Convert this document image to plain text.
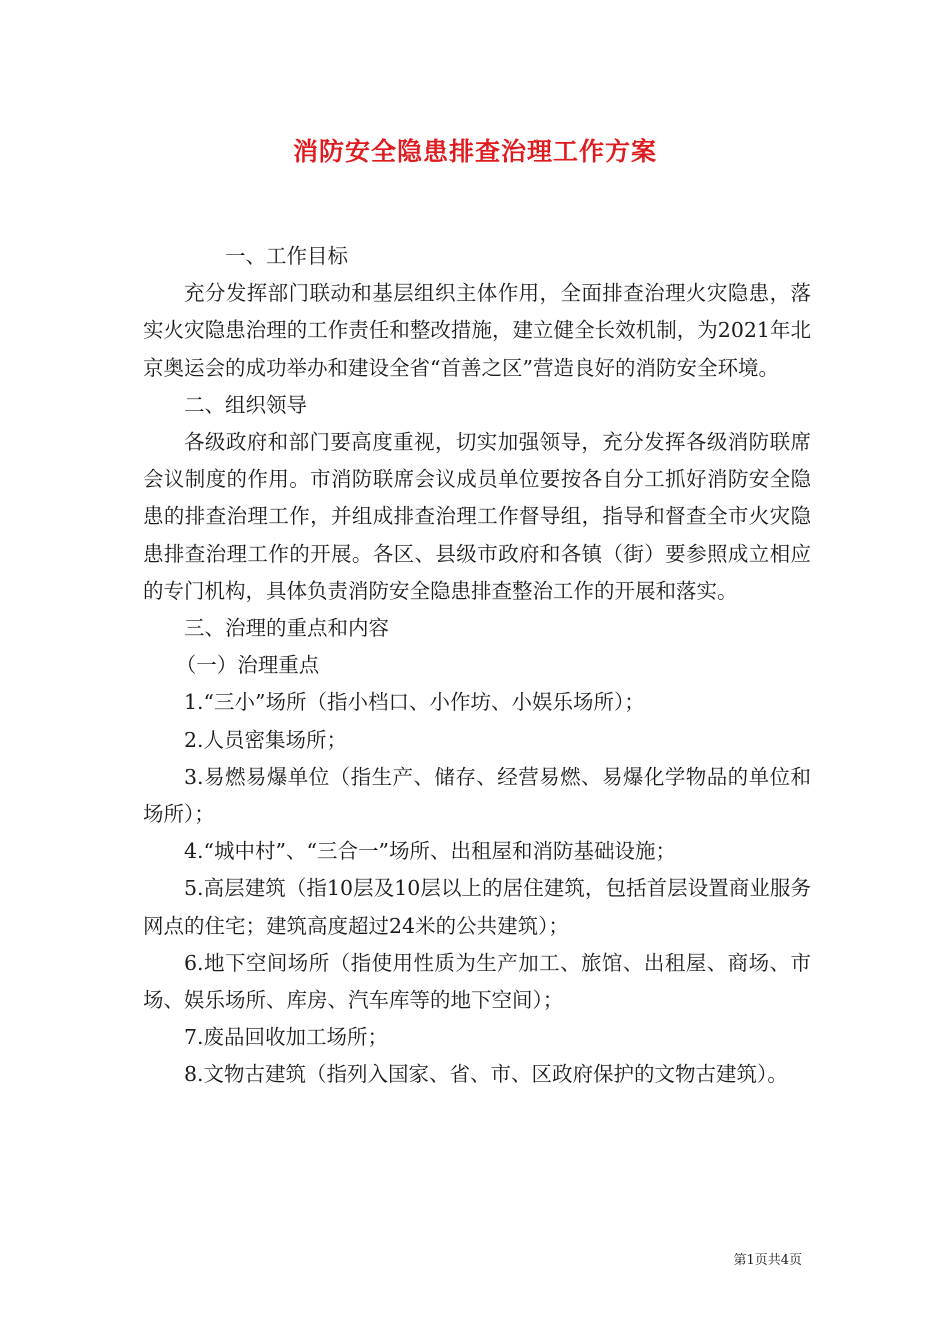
消防安全隐患排查治理工作方案

一、工作目标

充分发挥部门联动和基层组织主体作用，全面排查治理火灾隐患，落实火灾隐患治理的工作责任和整改措施，建立健全长效机制，为2021年北京奥运会的成功举办和建设全省“首善之区”营造良好的消防安全环境。

二、组织领导

各级政府和部门要高度重视，切实加强领导，充分发挥各级消防联席会议制度的作用。市消防联席会议成员单位要按各自分工抓好消防安全隐患的排查治理工作，并组成排查治理工作督导组，指导和督查全市火灾隐患排查治理工作的开展。各区、县级市政府和各镇（街）要参照成立相应的专门机构，具体负责消防安全隐患排查整治工作的开展和落实。

三、治理的重点和内容

（一）治理重点

1.“三小”场所（指小档口、小作坊、小娱乐场所）；

2.人员密集场所；

3.易燃易爆单位（指生产、储存、经营易燃、易爆化学物品的单位和场所）；

4.“城中村”、“三合一”场所、出租屋和消防基础设施；

5.高层建筑（指10层及10层以上的居住建筑，包括首层设置商业服务网点的住宅；建筑高度超过24米的公共建筑）；

6.地下空间场所（指使用性质为生产加工、旅馆、出租屋、商场、市场、娱乐场所、库房、汽车库等的地下空间）；

7.废品回收加工场所；

8.文物古建筑（指列入国家、省、市、区政府保护的文物古建筑）。

第1页共4页
